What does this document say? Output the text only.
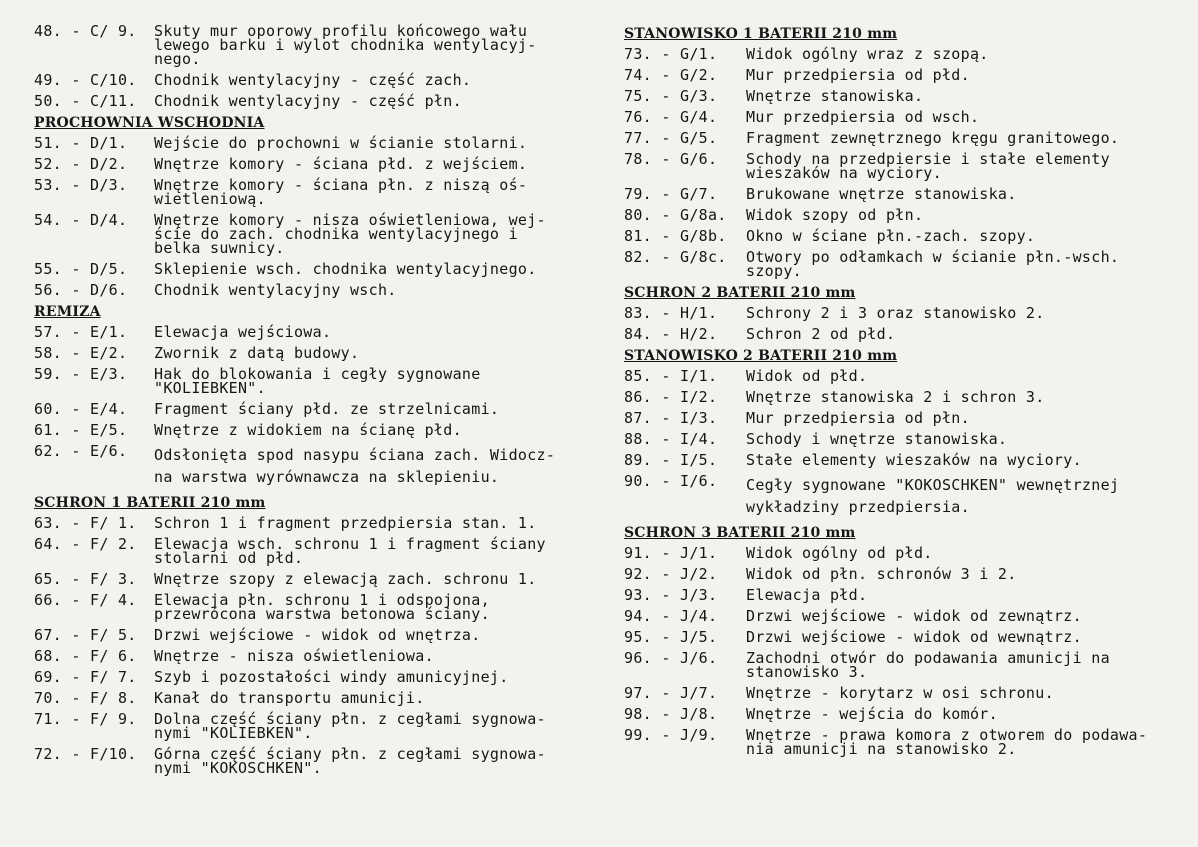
48. - C/ 9.	Skuty mur oporowy profilu końcowego wału
lewego barku i wylot chodnika wentylacyj-
nego.
49. - C/10.	Chodnik wentylacyjny - część zach.
50. - C/11.	Chodnik wentylacyjny - część płn.
PROCHOWNIA WSCHODNIA
51. - D/1.	Wejście do prochowni w ścianie stolarni.
52. - D/2.	Wnętrze komory - ściana płd. z wejściem.
53. - D/3.	Wnętrze komory - ściana płn. z niszą oś-
wietleniową.
54. - D/4.	Wnętrze komory - nisza oświetleniowa, wej-
ście do zach. chodnika wentylacyjnego i
belka suwnicy.
55. - D/5.	Sklepienie wsch. chodnika wentylacyjnego.
56. - D/6.	Chodnik wentylacyjny wsch.
REMIZA
57. - E/1.	Elewacja wejściowa.
58. - E/2.	Zwornik z datą budowy.
59. - E/3.	Hak do blokowania i cegły sygnowane
"KOLIEBKEN".
60. - E/4.	Fragment ściany płd. ze strzelnicami.
61. - E/5.	Wnętrze z widokiem na ścianę płd.
62. - E/6.	Odsłonięta spod nasypu ściana zach. Widocz-
na warstwa wyrównawcza na sklepieniu.
SCHRON 1 BATERII 210 mm
63. - F/ 1.	Schron 1 i fragment przedpiersia stan. 1.
64. - F/ 2.	Elewacja wsch. schronu 1 i fragment ściany
stolarni od płd.
65. - F/ 3.	Wnętrze szopy z elewacją zach. schronu 1.
66. - F/ 4.	Elewacja płn. schronu 1 i odspojona,
przewrócona warstwa betonowa ściany.
67. - F/ 5.	Drzwi wejściowe - widok od wnętrza.
68. - F/ 6.	Wnętrze - nisza oświetleniowa.
69. - F/ 7.	Szyb i pozostałości windy amunicyjnej.
70. - F/ 8.	Kanał do transportu amunicji.
71. - F/ 9.	Dolna część ściany płn. z cegłami sygnowa-
nymi "KOLIEBKEN".
72. - F/10.	Górna część ściany płn. z cegłami sygnowa-
nymi "KOKOSCHKEN".
STANOWISKO 1 BATERII 210 mm
73. - G/1.	Widok ogólny wraz z szopą.
74. - G/2.	Mur przedpiersia od płd.
75. - G/3.	Wnętrze stanowiska.
76. - G/4.	Mur przedpiersia od wsch.
77. - G/5.	Fragment zewnętrznego kręgu granitowego.
78. - G/6.	Schody na przedpiersie i stałe elementy
wieszaków na wyciory.
79. - G/7.	Brukowane wnętrze stanowiska.
80. - G/8a.	Widok szopy od płn.
81. - G/8b.	Okno w ściane płn.-zach. szopy.
82. - G/8c.	Otwory po odłamkach w ścianie płn.-wsch.
szopy.
SCHRON 2 BATERII 210 mm
83. - H/1.	Schrony 2 i 3 oraz stanowisko 2.
84. - H/2.	Schron 2 od płd.
STANOWISKO 2 BATERII 210 mm
85. - I/1.	Widok od płd.
86. - I/2.	Wnętrze stanowiska 2 i schron 3.
87. - I/3.	Mur przedpiersia od płn.
88. - I/4.	Schody i wnętrze stanowiska.
89. - I/5.	Stałe elementy wieszaków na wyciory.
90. - I/6.	Cegły sygnowane "KOKOSCHKEN" wewnętrznej
wykładziny przedpiersia.
SCHRON 3 BATERII 210 mm
91. - J/1.	Widok ogólny od płd.
92. - J/2.	Widok od płn. schronów 3 i 2.
93. - J/3.	Elewacja płd.
94. - J/4.	Drzwi wejściowe - widok od zewnątrz.
95. - J/5.	Drzwi wejściowe - widok od wewnątrz.
96. - J/6.	Zachodni otwór do podawania amunicji na
stanowisko 3.
97. - J/7.	Wnętrze - korytarz w osi schronu.
98. - J/8.	Wnętrze - wejścia do komór.
99. - J/9.	Wnętrze - prawa komora z otworem do podawa-
nia amunicji na stanowisko 2.
